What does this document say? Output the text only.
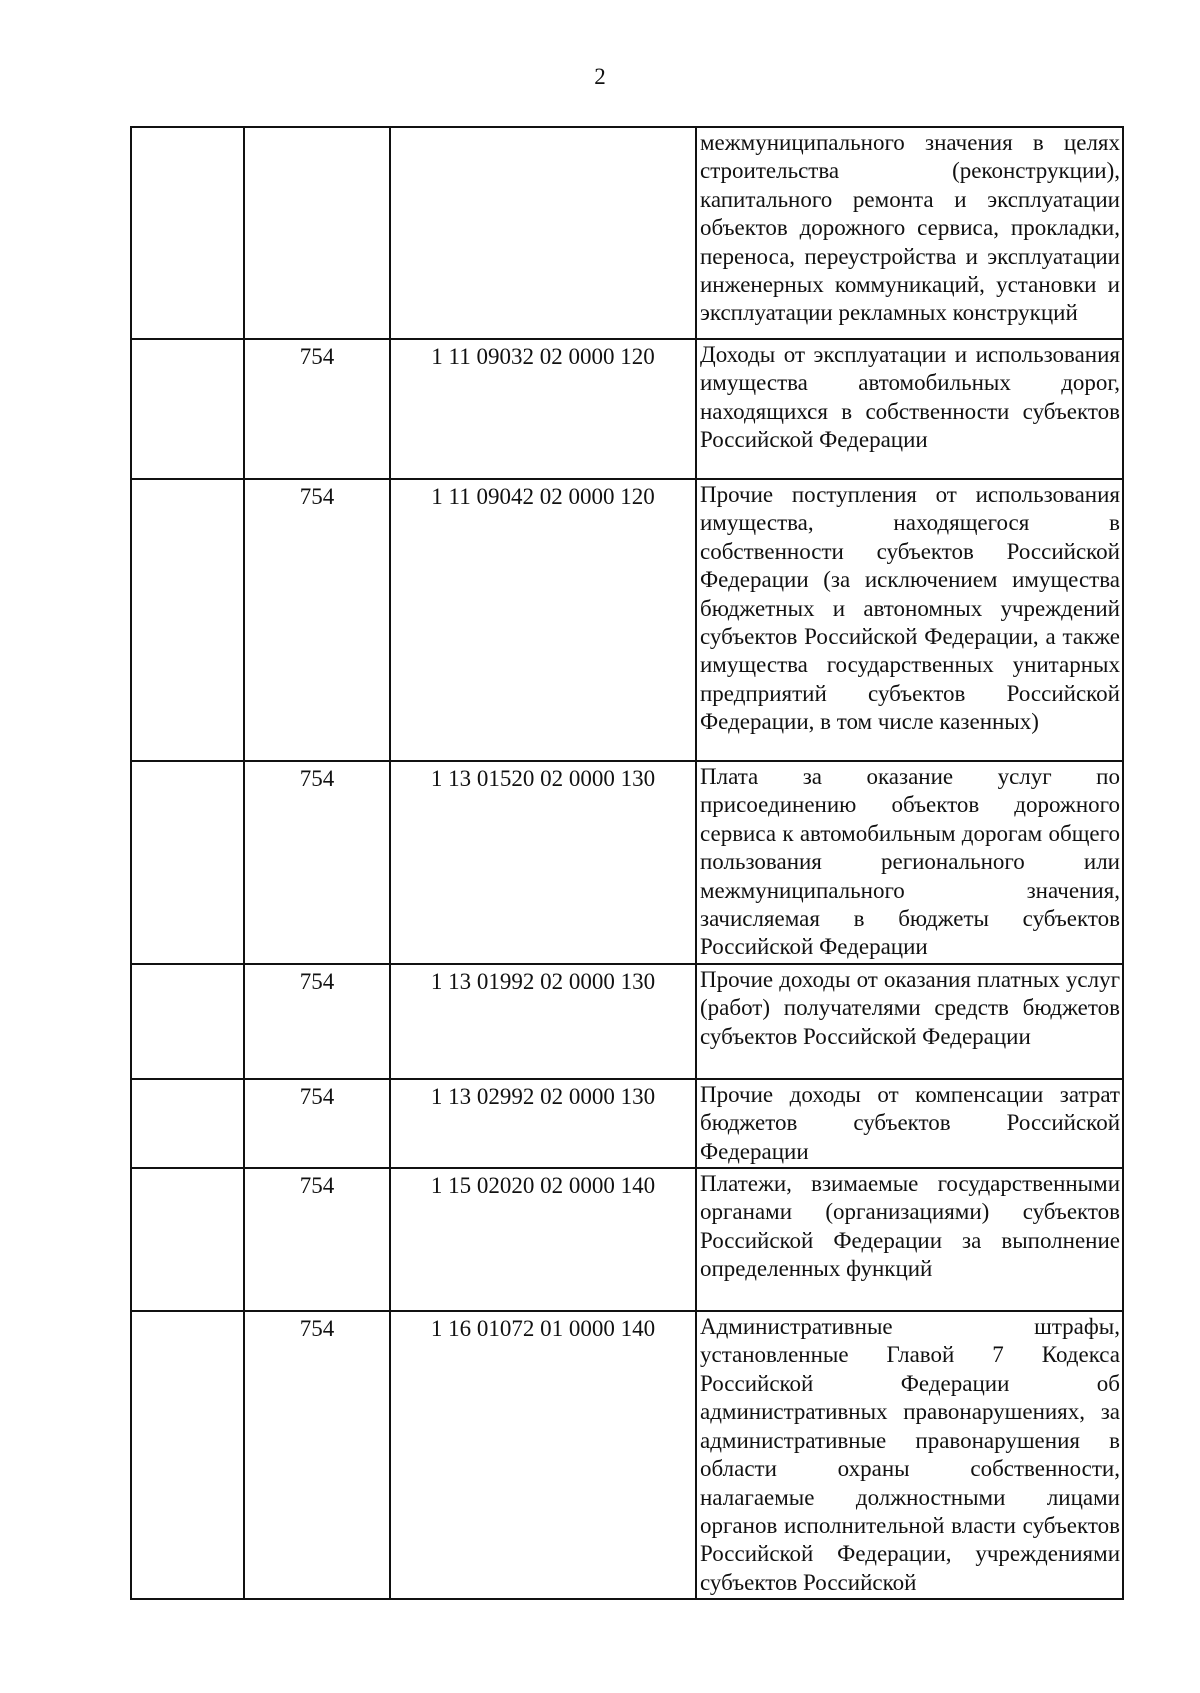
2
			межмуниципального значения в целях строительства (реконструкции), капитального ремонта и эксплуатации объектов дорожного сервиса, прокладки, переноса, переустройства и эксплуатации инженерных коммуникаций, установки и эксплуатации рекламных конструкций
	754	1 11 09032 02 0000 120	Доходы от эксплуатации и использования имущества автомобильных дорог, находящихся в собственности субъектов Российской Федерации
	754	1 11 09042 02 0000 120	Прочие поступления от использования имущества, находящегося в собственности субъектов Российской Федерации (за исключением имущества бюджетных и автономных учреждений субъектов Российской Федерации, а также имущества государственных унитарных предприятий субъектов Российской Федерации, в том числе казенных)
	754	1 13 01520 02 0000 130	Плата за оказание услуг по присоединению объектов дорожного сервиса к автомобильным дорогам общего пользования регионального или межмуниципального значения, зачисляемая в бюджеты субъектов Российской Федерации
	754	1 13 01992 02 0000 130	Прочие доходы от оказания платных услуг (работ) получателями средств бюджетов субъектов Российской Федерации
	754	1 13 02992 02 0000 130	Прочие доходы от компенсации затрат бюджетов субъектов Российской Федерации
	754	1 15 02020 02 0000 140	Платежи, взимаемые государственными органами (организациями) субъектов Российской Федерации за выполнение определенных функций
	754	1 16 01072 01 0000 140	Административные штрафы, установленные Главой 7 Кодекса Российской Федерации об административных правонарушениях, за административные правонарушения в области охраны собственности, налагаемые должностными лицами органов исполнительной власти субъектов Российской Федерации, учреждениями субъектов Российской
